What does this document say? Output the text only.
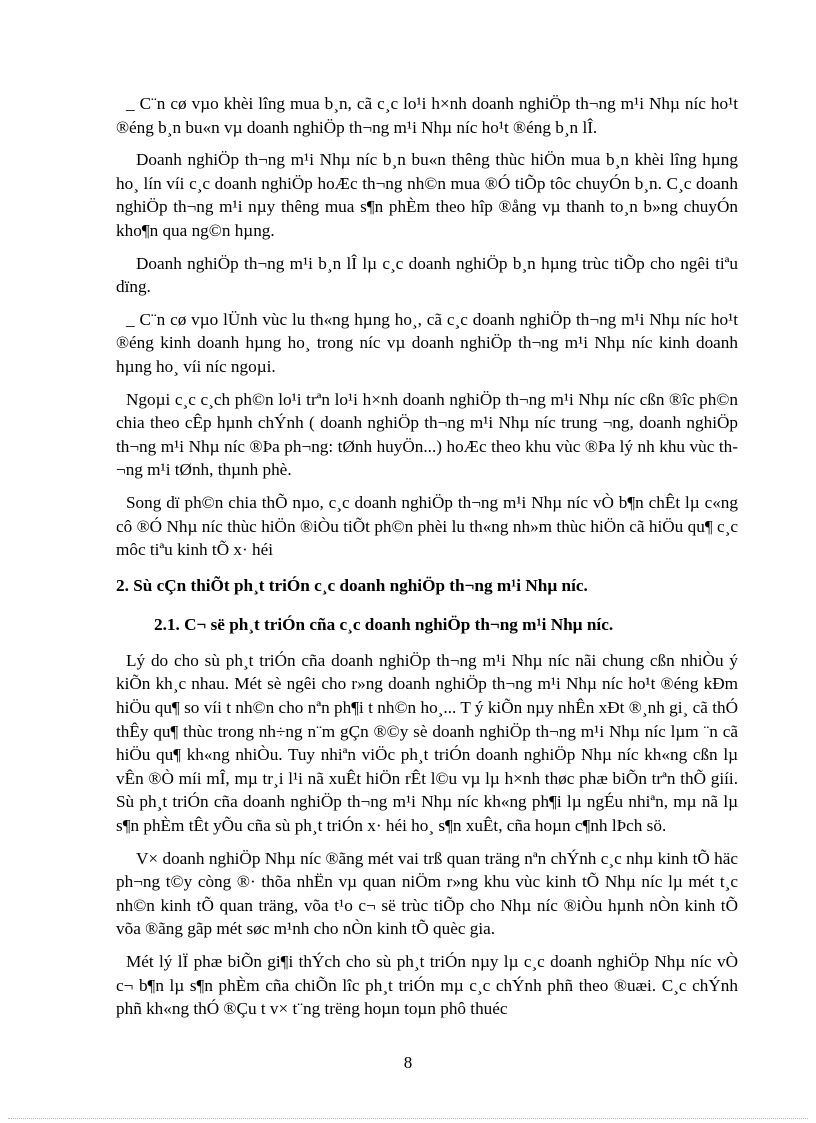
_ C¨n cø vµo khèi lîng mua b¸n, cã c¸c lo¹i h×nh doanh nghiÖp th¬ng m¹i Nhµ níc ho¹t ®éng b¸n bu«n vµ doanh nghiÖp th¬ng m¹i Nhµ níc ho¹t ®éng b¸n lÎ.

Doanh nghiÖp th¬ng m¹i Nhµ níc b¸n bu«n thêng thùc hiÖn mua b¸n khèi lîng hµng ho¸ lín víi c¸c doanh nghiÖp hoÆc th¬ng nh©n mua ®Ó tiÕp tôc chuyÓn b¸n. C¸c doanh nghiÖp th¬ng m¹i nµy thêng mua s¶n phÈm theo hîp ®ång vµ thanh to¸n b»ng chuyÓn kho¶n qua ng©n hµng.

Doanh nghiÖp th¬ng m¹i b¸n lÎ lµ c¸c doanh nghiÖp b¸n hµng trùc tiÕp cho ngêi tiªu dïng.

_ C¨n cø vµo lÜnh vùc lu th«ng hµng ho¸, cã c¸c doanh nghiÖp th¬ng m¹i Nhµ níc ho¹t ®éng kinh doanh hµng ho¸ trong níc vµ doanh nghiÖp th¬ng m¹i Nhµ níc kinh doanh hµng ho¸ víi níc ngoµi.

Ngoµi c¸c c¸ch ph©n lo¹i trªn lo¹i h×nh doanh nghiÖp th¬ng m¹i Nhµ níc cßn ®îc ph©n chia theo cÊp hµnh chÝnh ( doanh nghiÖp th¬ng m¹i Nhµ níc trung ¬ng, doanh nghiÖp th¬ng m¹i Nhµ níc ®Þa ph¬ng: tØnh huyÖn...) hoÆc theo khu vùc ®Þa lý nh khu vùc th¬ng m¹i tØnh, thµnh phè.

Song dï ph©n chia thÕ nµo, c¸c doanh nghiÖp th¬ng m¹i Nhµ níc vÒ b¶n chÊt lµ c«ng cô ®Ó Nhµ níc thùc hiÖn ®iÒu tiÕt ph©n phèi lu th«ng nh»m thùc hiÖn cã hiÖu qu¶ c¸c môc tiªu kinh tÕ x· héi

2. Sù cÇn thiÕt ph¸t triÓn c¸c doanh nghiÖp th¬ng m¹i Nhµ níc.
2.1. C¬ së ph¸t triÓn cña c¸c doanh nghiÖp th¬ng m¹i Nhµ níc.

Lý do cho sù ph¸t triÓn cña doanh nghiÖp th¬ng m¹i Nhµ níc nãi chung cßn nhiÒu ý kiÕn kh¸c nhau. Mét sè ngêi cho r»ng doanh nghiÖp th¬ng m¹i Nhµ níc ho¹t ®éng kÐm hiÖu qu¶ so víi t nh©n cho nªn ph¶i t nh©n ho¸... T ý kiÕn nµy nhÊn xÐt ®¸nh gi¸ cã thÓ thÊy qu¶ thùc trong nh÷ng n¨m gÇn ®©y sè doanh nghiÖp th¬ng m¹i Nhµ níc lµm ¨n cã hiÖu qu¶ kh«ng nhiÒu. Tuy nhiªn viÖc ph¸t triÓn doanh nghiÖp Nhµ níc kh«ng cßn lµ vÊn ®Ò míi mÎ, mµ tr¸i l¹i nã xuÊt hiÖn rÊt l©u vµ lµ h×nh thøc phæ biÕn trªn thÕ giíi. Sù ph¸t triÓn cña doanh nghiÖp th¬ng m¹i Nhµ níc kh«ng ph¶i lµ ngÉu nhiªn, mµ nã lµ s¶n phÈm tÊt yÕu cña sù ph¸t triÓn x· héi ho¸ s¶n xuÊt, cña hoµn c¶nh lÞch sö.

V× doanh nghiÖp Nhµ níc ®ãng mét vai trß quan träng nªn chÝnh c¸c nhµ kinh tÕ häc ph¬ng t©y còng ®· thõa nhËn vµ quan niÖm r»ng khu vùc kinh tÕ Nhµ níc lµ mét t¸c nh©n kinh tÕ quan träng, võa t¹o c¬ së trùc tiÕp cho Nhµ níc ®iÒu hµnh nÒn kinh tÕ võa ®ãng gãp mét søc m¹nh cho nÒn kinh tÕ quèc gia.

Mét lý lÏ phæ biÕn gi¶i thÝch cho sù ph¸t triÓn nµy lµ c¸c doanh nghiÖp Nhµ níc vÒ c¬ b¶n lµ s¶n phÈm cña chiÕn lîc ph¸t triÓn mµ c¸c chÝnh phñ theo ®uæi. C¸c chÝnh phñ kh«ng thÓ ®Çu t v× t¨ng trëng hoµn toµn phô thuéc

8
